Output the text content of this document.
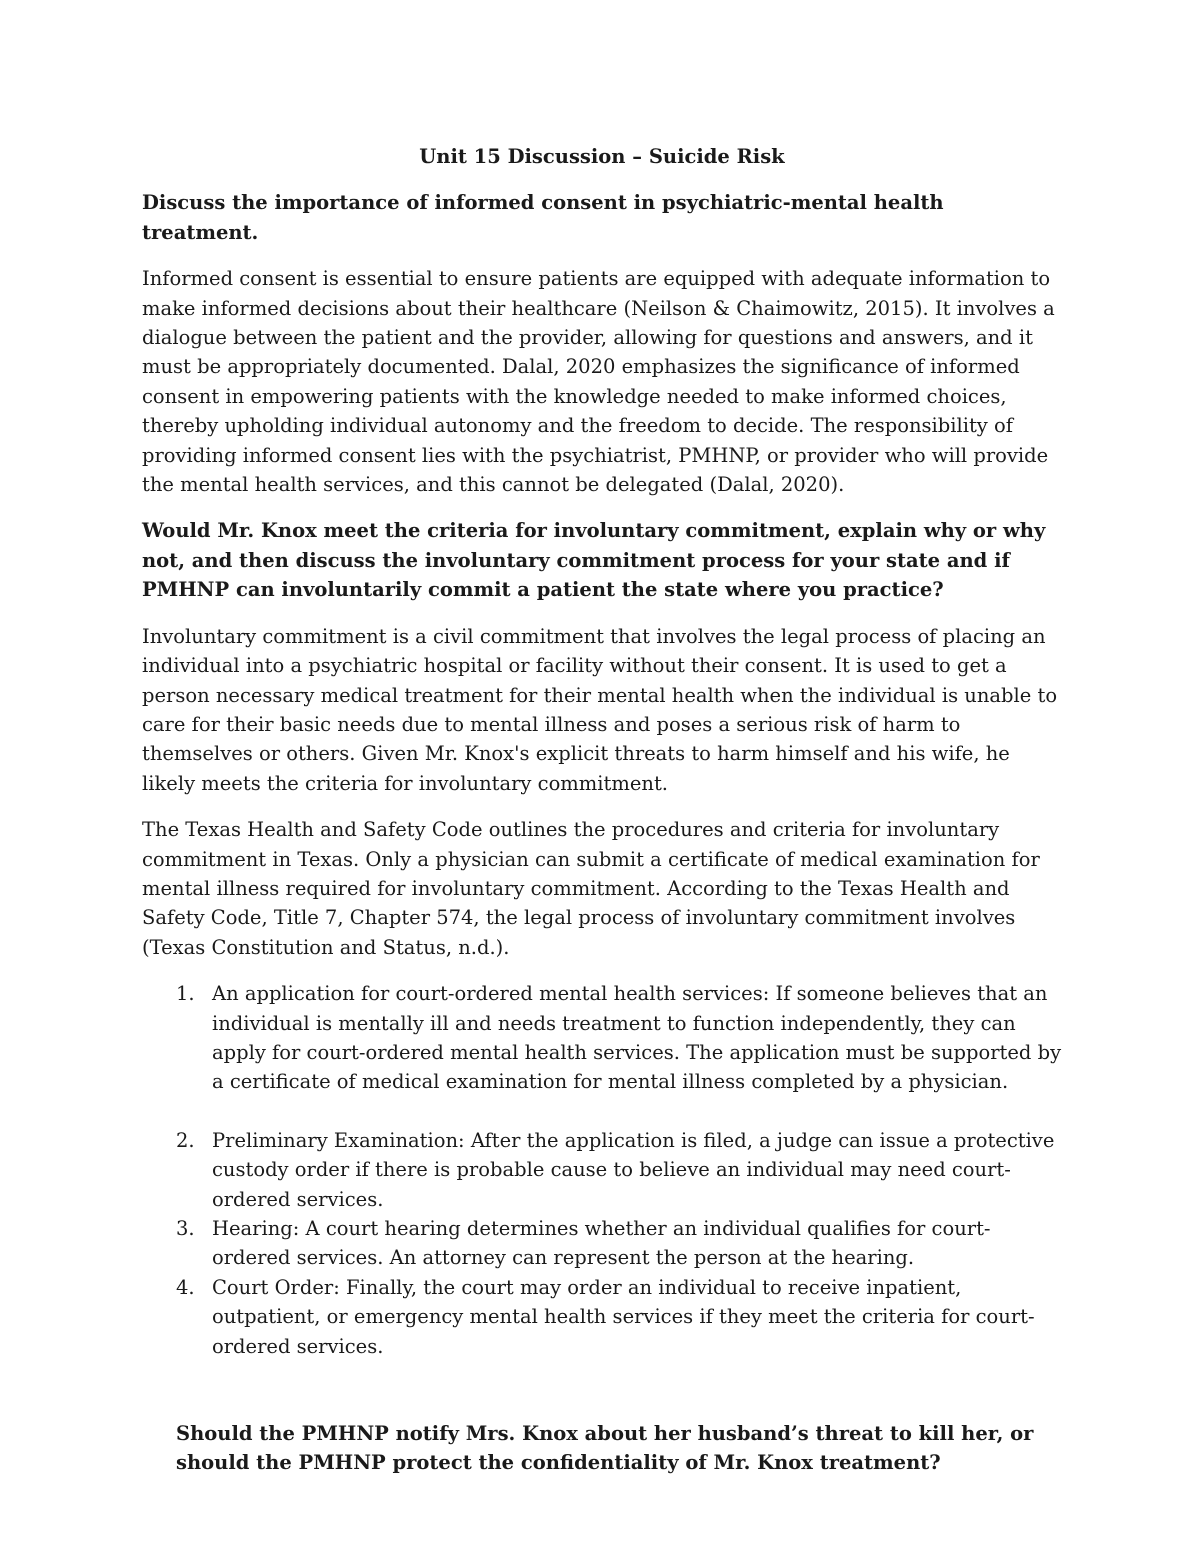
Unit 15 Discussion – Suicide Risk

Discuss the importance of informed consent in psychiatric-mental health treatment.

Informed consent is essential to ensure patients are equipped with adequate information to make informed decisions about their healthcare (Neilson & Chaimowitz, 2015). It involves a dialogue between the patient and the provider, allowing for questions and answers, and it must be appropriately documented. Dalal, 2020 emphasizes the significance of informed consent in empowering patients with the knowledge needed to make informed choices, thereby upholding individual autonomy and the freedom to decide. The responsibility of providing informed consent lies with the psychiatrist, PMHNP, or provider who will provide the mental health services, and this cannot be delegated (Dalal, 2020).

Would Mr. Knox meet the criteria for involuntary commitment, explain why or why not, and then discuss the involuntary commitment process for your state and if PMHNP can involuntarily commit a patient the state where you practice?

Involuntary commitment is a civil commitment that involves the legal process of placing an individual into a psychiatric hospital or facility without their consent. It is used to get a person necessary medical treatment for their mental health when the individual is unable to care for their basic needs due to mental illness and poses a serious risk of harm to themselves or others. Given Mr. Knox's explicit threats to harm himself and his wife, he likely meets the criteria for involuntary commitment.

The Texas Health and Safety Code outlines the procedures and criteria for involuntary commitment in Texas. Only a physician can submit a certificate of medical examination for mental illness required for involuntary commitment. According to the Texas Health and Safety Code, Title 7, Chapter 574, the legal process of involuntary commitment involves (Texas Constitution and Status, n.d.).

1. An application for court-ordered mental health services: If someone believes that an individual is mentally ill and needs treatment to function independently, they can apply for court-ordered mental health services. The application must be supported by a certificate of medical examination for mental illness completed by a physician.
2. Preliminary Examination: After the application is filed, a judge can issue a protective custody order if there is probable cause to believe an individual may need court-ordered services.
3. Hearing: A court hearing determines whether an individual qualifies for court-ordered services. An attorney can represent the person at the hearing.
4. Court Order: Finally, the court may order an individual to receive inpatient, outpatient, or emergency mental health services if they meet the criteria for court-ordered services.

Should the PMHNP notify Mrs. Knox about her husband’s threat to kill her, or should the PMHNP protect the confidentiality of Mr. Knox treatment?
